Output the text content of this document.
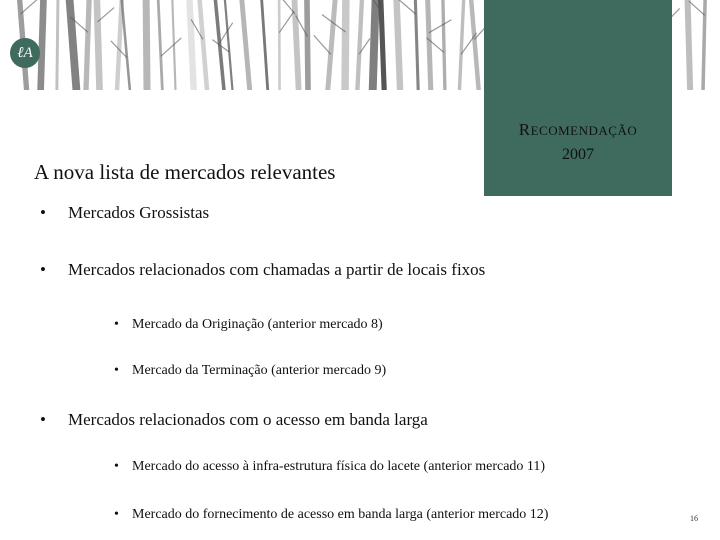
ℓA
RECOMENDAÇÃO
2007
A nova lista de mercados relevantes
• Mercados Grossistas
• Mercados relacionados com chamadas a partir de locais fixos
• Mercado da Originação (anterior mercado 8)
• Mercado da Terminação (anterior mercado 9)
• Mercados relacionados com o acesso em banda larga
• Mercado do acesso à infra-estrutura física do lacete (anterior mercado 11)
• Mercado do fornecimento de acesso em banda larga (anterior mercado 12)	16
